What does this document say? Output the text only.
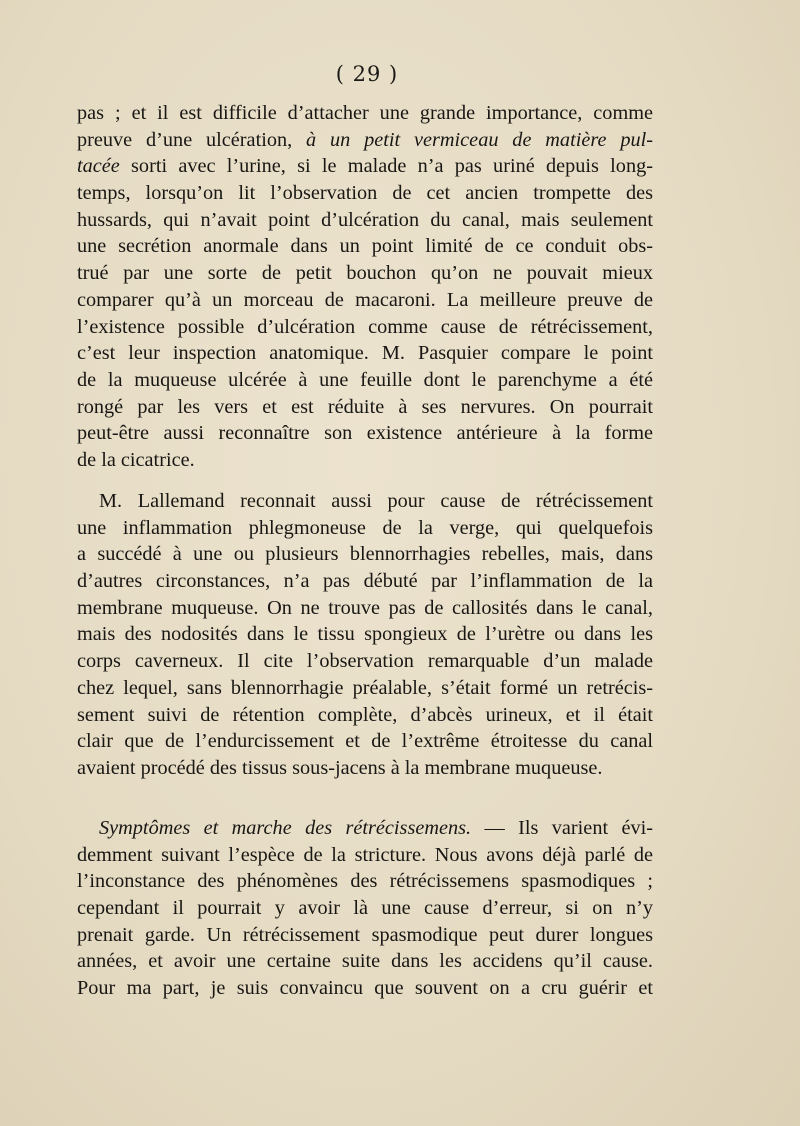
( 29 )
pas ; et il est difficile d’attacher une grande importance, comme
preuve d’une ulcération, à un petit vermiceau de matière pul-
tacée sorti avec l’urine, si le malade n’a pas uriné depuis long-
temps, lorsqu’on lit l’observation de cet ancien trompette des
hussards, qui n’avait point d’ulcération du canal, mais seulement
une secrétion anormale dans un point limité de ce conduit obs-
trué par une sorte de petit bouchon qu’on ne pouvait mieux
comparer qu’à un morceau de macaroni. La meilleure preuve de
l’existence possible d’ulcération comme cause de rétrécissement,
c’est leur inspection anatomique. M. Pasquier compare le point
de la muqueuse ulcérée à une feuille dont le parenchyme a été
rongé par les vers et est réduite à ses nervures. On pourrait
peut-être aussi reconnaître son existence antérieure à la forme
de la cicatrice.
M. Lallemand reconnait aussi pour cause de rétrécissement
une inflammation phlegmoneuse de la verge, qui quelquefois
a succédé à une ou plusieurs blennorrhagies rebelles, mais, dans
d’autres circonstances, n’a pas débuté par l’inflammation de la
membrane muqueuse. On ne trouve pas de callosités dans le canal,
mais des nodosités dans le tissu spongieux de l’urètre ou dans les
corps caverneux. Il cite l’observation remarquable d’un malade
chez lequel, sans blennorrhagie préalable, s’était formé un retrécis-
sement suivi de rétention complète, d’abcès urineux, et il était
clair que de l’endurcissement et de l’extrême étroitesse du canal
avaient procédé des tissus sous-jacens à la membrane muqueuse.
Symptômes et marche des rétrécissemens. — Ils varient évi-
demment suivant l’espèce de la stricture. Nous avons déjà parlé de
l’inconstance des phénomènes des rétrécissemens spasmodiques ;
cependant il pourrait y avoir là une cause d’erreur, si on n’y
prenait garde. Un rétrécissement spasmodique peut durer longues
années, et avoir une certaine suite dans les accidens qu’il cause.
Pour ma part, je suis convaincu que souvent on a cru guérir et
